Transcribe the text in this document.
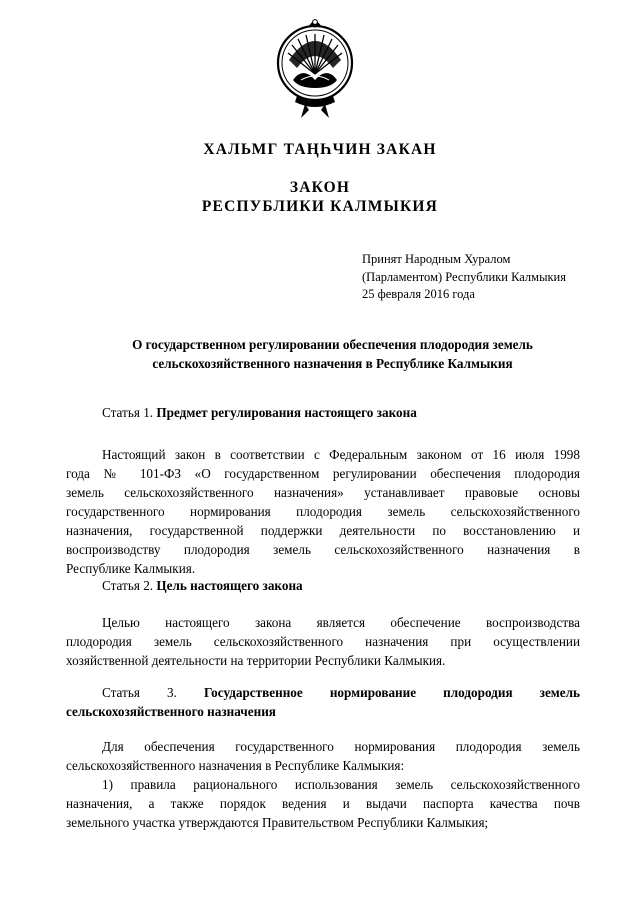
ХАЛЬМГ ТАҢҺЧИН ЗАКАН
ЗАКОН
РЕСПУБЛИКИ КАЛМЫКИЯ
Принят Народным Хуралом
(Парламентом) Республики Калмыкия
25 февраля 2016 года
О государственном регулировании обеспечения плодородия земель
сельскохозяйственного назначения в Республике Калмыкия
Статья 1. Предмет регулирования настоящего закона
Настоящий закон в соответствии с Федеральным законом от 16 июля 1998
года № 101-ФЗ «О государственном регулировании обеспечения плодородия
земель сельскохозяйственного назначения» устанавливает правовые основы
государственного нормирования плодородия земель сельскохозяйственного
назначения, государственной поддержки деятельности по восстановлению и
воспроизводству плодородия земель сельскохозяйственного назначения в
Республике Калмыкия.
Статья 2. Цель настоящего закона
Целью настоящего закона является обеспечение воспроизводства
плодородия земель сельскохозяйственного назначения при осуществлении
хозяйственной деятельности на территории Республики Калмыкия.
Статья 3. Государственное нормирование плодородия земель
сельскохозяйственного назначения
Для обеспечения государственного нормирования плодородия земель
сельскохозяйственного назначения в Республике Калмыкия:
1) правила рационального использования земель сельскохозяйственного
назначения, а также порядок ведения и выдачи паспорта качества почв
земельного участка утверждаются Правительством Республики Калмыкия;
